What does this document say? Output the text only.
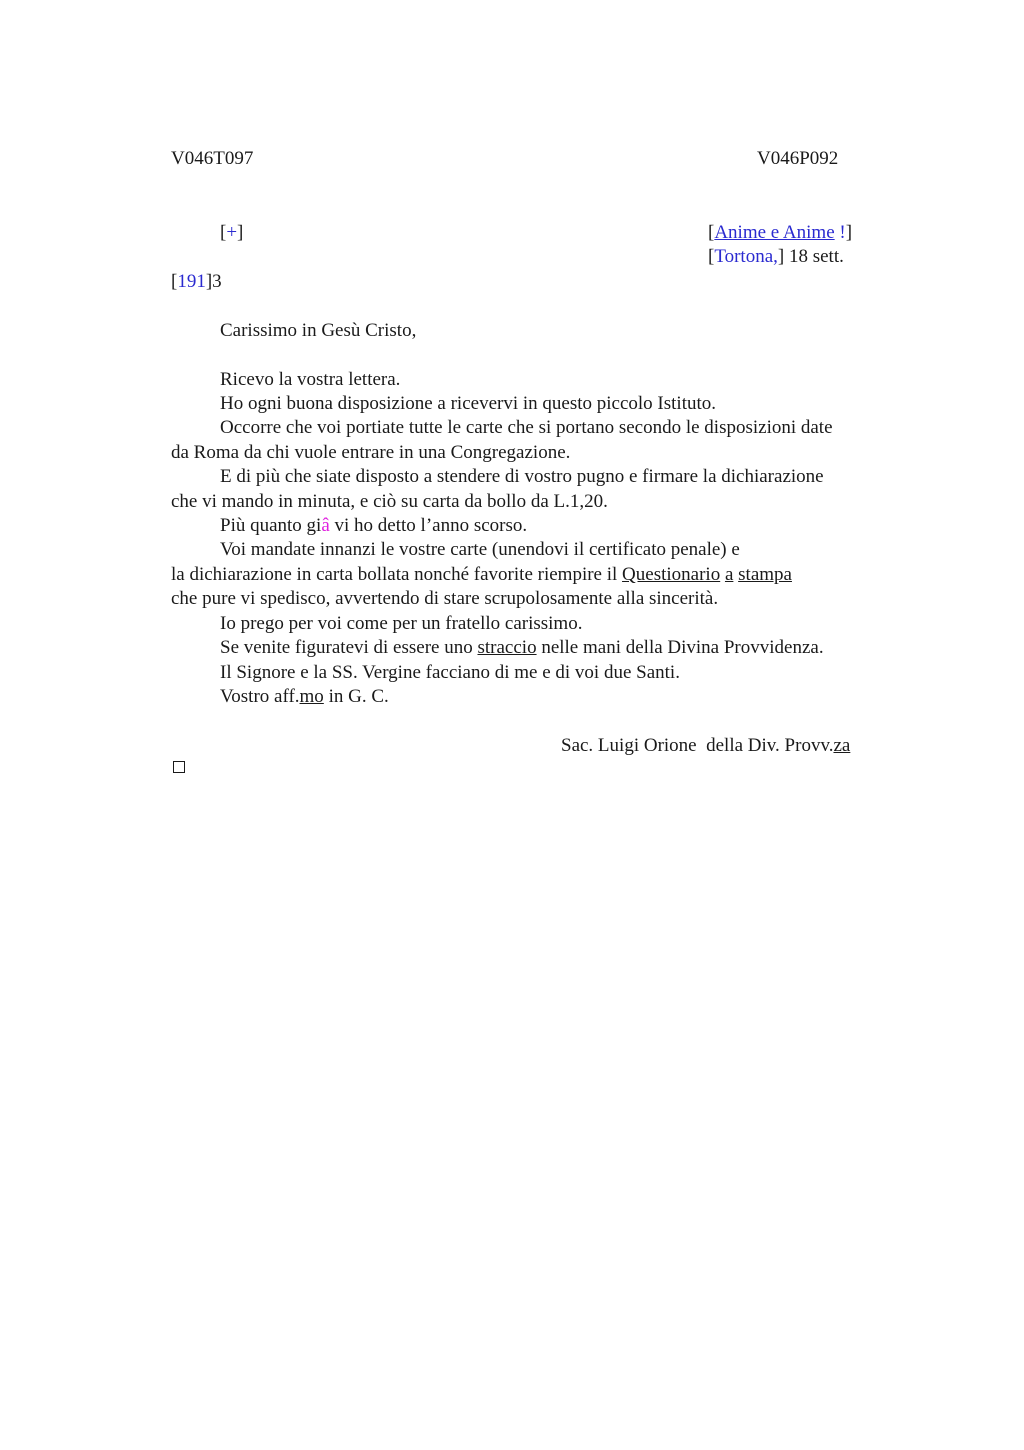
V046T097	V046P092
[+]	[Anime e Anime !]
[Tortona,] 18 sett.
[191]3
Carissimo in Gesù Cristo,
Ricevo la vostra lettera.
Ho ogni buona disposizione a ricevervi in questo piccolo Istituto.
Occorre che voi portiate tutte le carte che si portano secondo le disposizioni date
da Roma da chi vuole entrare in una Congregazione.
E di più che siate disposto a stendere di vostro pugno e firmare la dichiarazione
che vi mando in minuta, e ciò su carta da bollo da L.1,20.
Più quanto giâ vi ho detto l’anno scorso.
Voi mandate innanzi le vostre carte (unendovi il certificato penale) e
la dichiarazione in carta bollata nonché favorite riempire il Questionario a stampa
che pure vi spedisco, avvertendo di stare scrupolosamente alla sincerità.
Io prego per voi come per un fratello carissimo.
Se venite figuratevi di essere uno straccio nelle mani della Divina Provvidenza.
Il Signore e la SS. Vergine facciano di me e di voi due Santi.
Vostro aff.mo in G. C.
Sac. Luigi Orione  della Div. Provv.za
